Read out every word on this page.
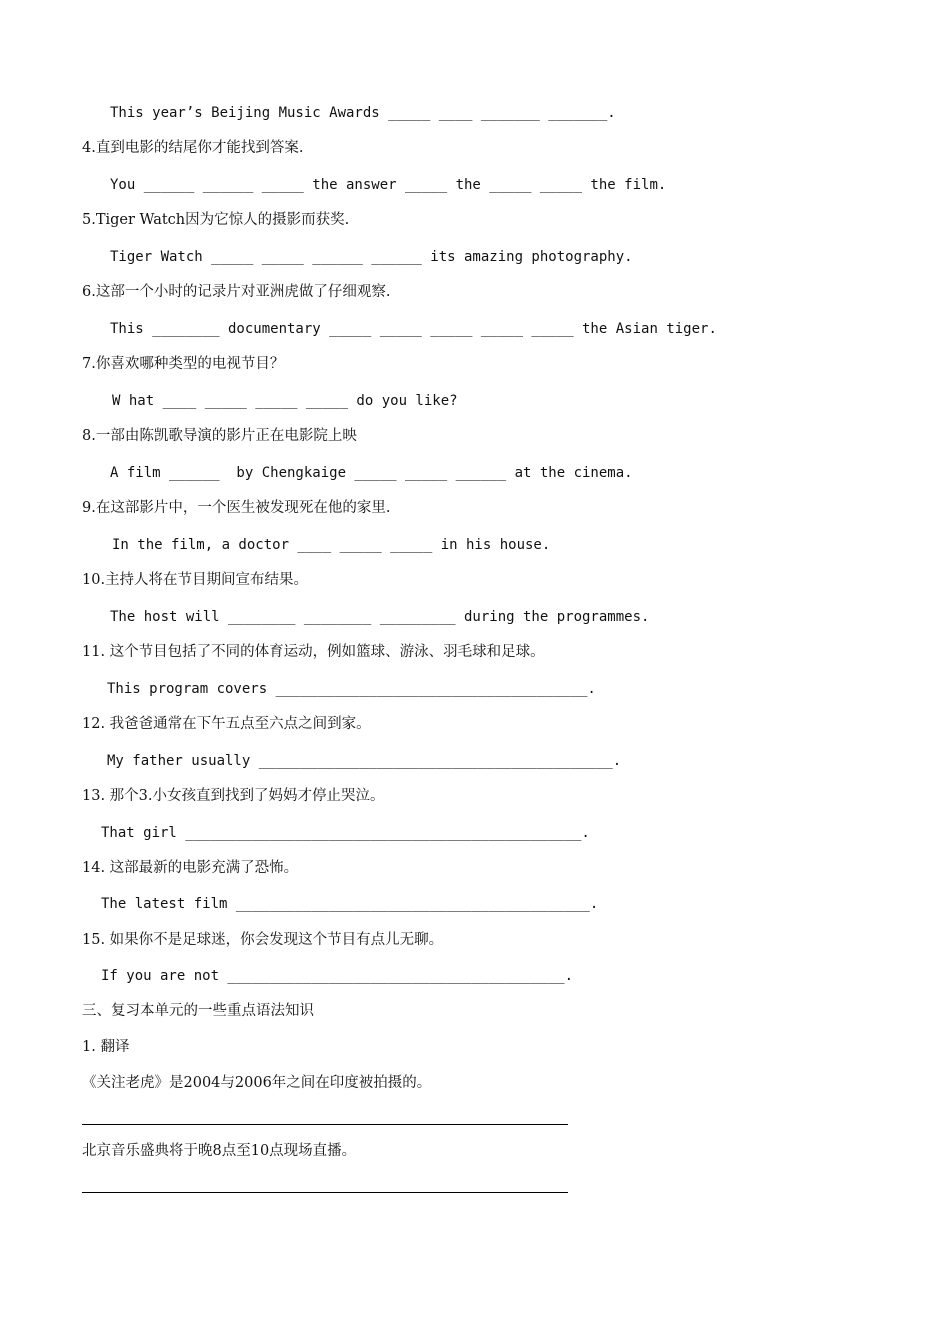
This year’s Beijing Music Awards _____ ____ _______ _______.
4.直到电影的结尾你才能找到答案.
You ______ ______ _____ the answer _____ the _____ _____ the film.
5.Tiger Watch因为它惊人的摄影而获奖.
Tiger Watch _____ _____ ______ ______ its amazing photography.
6.这部一个小时的记录片对亚洲虎做了仔细观察.
This ________ documentary _____ _____ _____ _____ _____ the Asian tiger.
7.你喜欢哪种类型的电视节目？
W hat ____ _____ _____ _____ do you like?
8.一部由陈凯歌导演的影片正在电影院上映
A film ______  by Chengkaige _____ _____ ______ at the cinema.
9.在这部影片中，一个医生被发现死在他的家里.
In the film, a doctor ____ _____ _____ in his house.
10.主持人将在节目期间宣布结果。
The host will ________ ________ _________ during the programmes.
11. 这个节目包括了不同的体育运动，例如篮球、游泳、羽毛球和足球。
This program covers _____________________________________.
12. 我爸爸通常在下午五点至六点之间到家。
My father usually __________________________________________.
13. 那个3.小女孩直到找到了妈妈才停止哭泣。
That girl _______________________________________________.
14. 这部最新的电影充满了恐怖。
The latest film __________________________________________.
15. 如果你不是足球迷，你会发现这个节目有点儿无聊。
If you are not ________________________________________.
三、复习本单元的一些重点语法知识
1. 翻译
《关注老虎》是2004与2006年之间在印度被拍摄的。
北京音乐盛典将于晚8点至10点现场直播。
